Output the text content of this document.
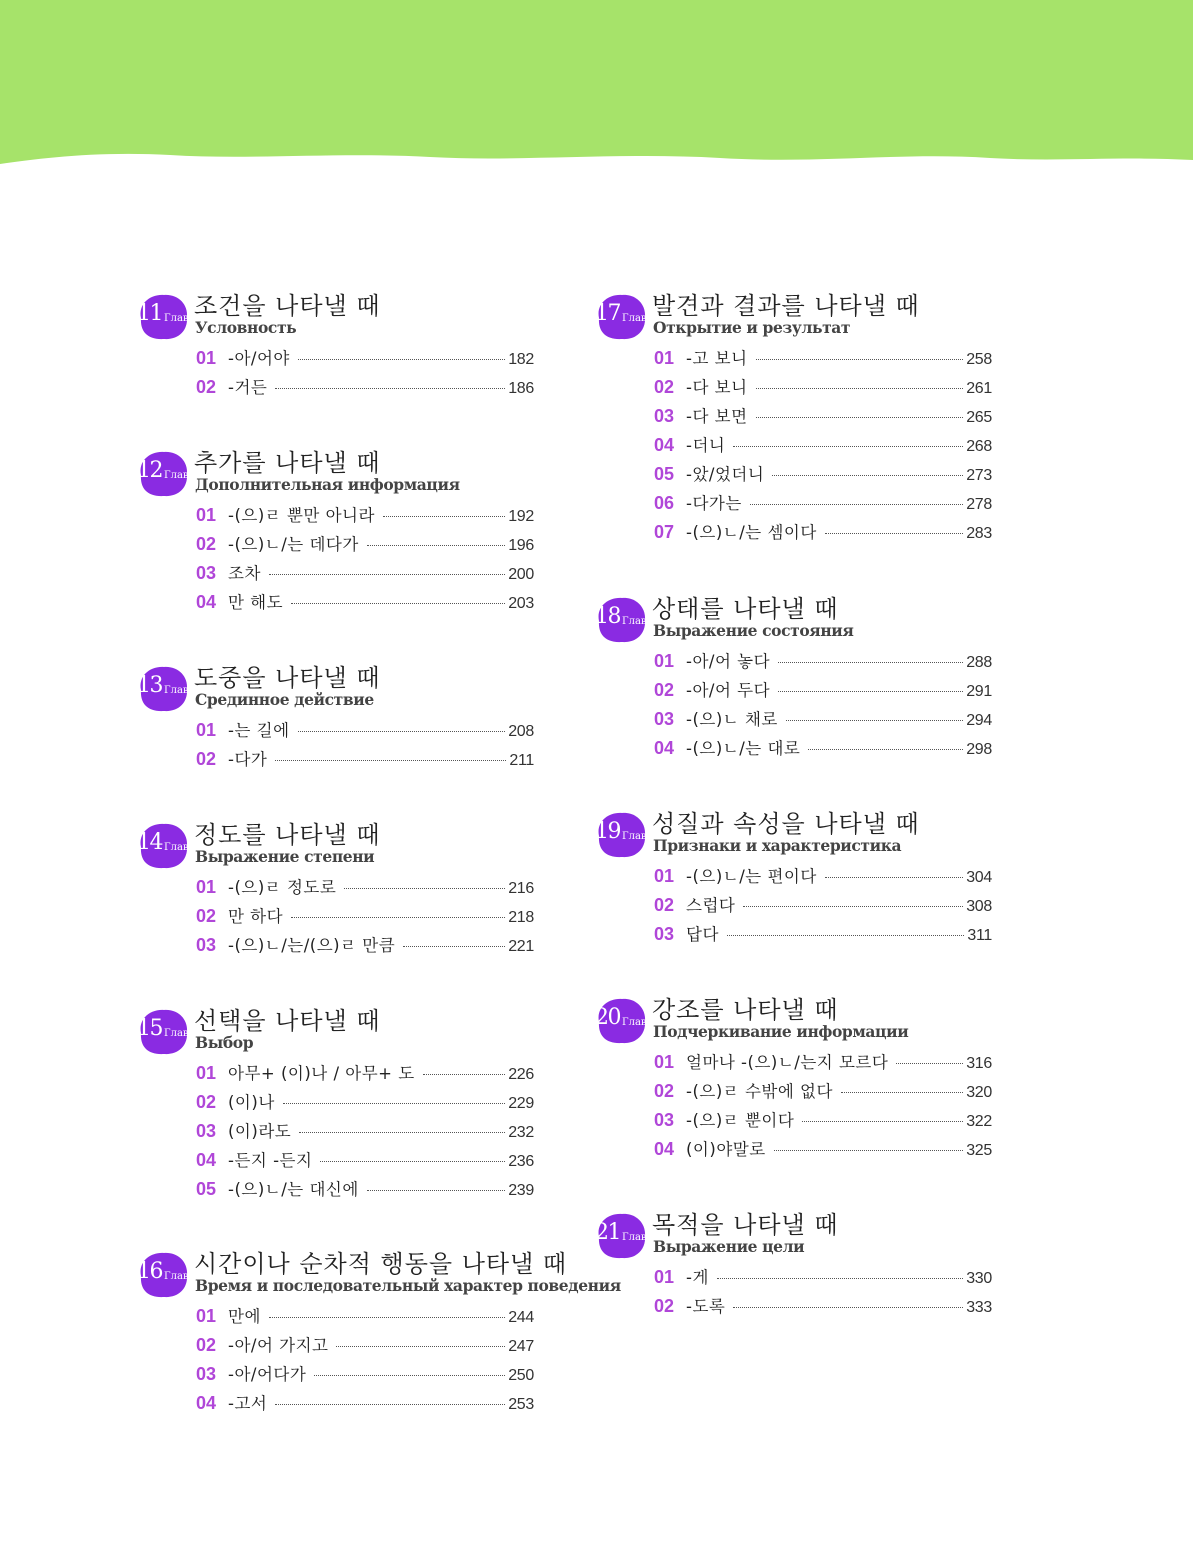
11 Глава 조건을 나타낼 때
Условность
01 -아/어야	182
02 -거든	186
12 Глава 추가를 나타낼 때
Дополнительная информация
01 -(으)ㄹ 뿐만 아니라	192
02 -(으)ㄴ/는 데다가	196
03 조차	200
04 만 해도	203
13 Глава 도중을 나타낼 때
Срединное действие
01 -는 길에	208
02 -다가	211
14 Глава 정도를 나타낼 때
Выражение степени
01 -(으)ㄹ 정도로	216
02 만 하다	218
03 -(으)ㄴ/는/(으)ㄹ 만큼	221
15 Глава 선택을 나타낼 때
Выбор
01 아무+ (이)나 / 아무+ 도	226
02 (이)나	229
03 (이)라도	232
04 -든지 -든지	236
05 -(으)ㄴ/는 대신에	239
16 Глава 시간이나 순차적 행동을 나타낼 때
Время и последовательный характер поведения
01 만에	244
02 -아/어 가지고	247
03 -아/어다가	250
04 -고서	253
17 Глава 발견과 결과를 나타낼 때
Открытие и результат
01 -고 보니	258
02 -다 보니	261
03 -다 보면	265
04 -더니	268
05 -았/었더니	273
06 -다가는	278
07 -(으)ㄴ/는 셈이다	283
18 Глава 상태를 나타낼 때
Выражение состояния
01 -아/어 놓다	288
02 -아/어 두다	291
03 -(으)ㄴ 채로	294
04 -(으)ㄴ/는 대로	298
19 Глава 성질과 속성을 나타낼 때
Признаки и характеристика
01 -(으)ㄴ/는 편이다	304
02 스럽다	308
03 답다	311
20 Глава 강조를 나타낼 때
Подчеркивание информации
01 얼마나 -(으)ㄴ/는지 모르다	316
02 -(으)ㄹ 수밖에 없다	320
03 -(으)ㄹ 뿐이다	322
04 (이)야말로	325
21 Глава 목적을 나타낼 때
Выражение цели
01 -게	330
02 -도록	333
